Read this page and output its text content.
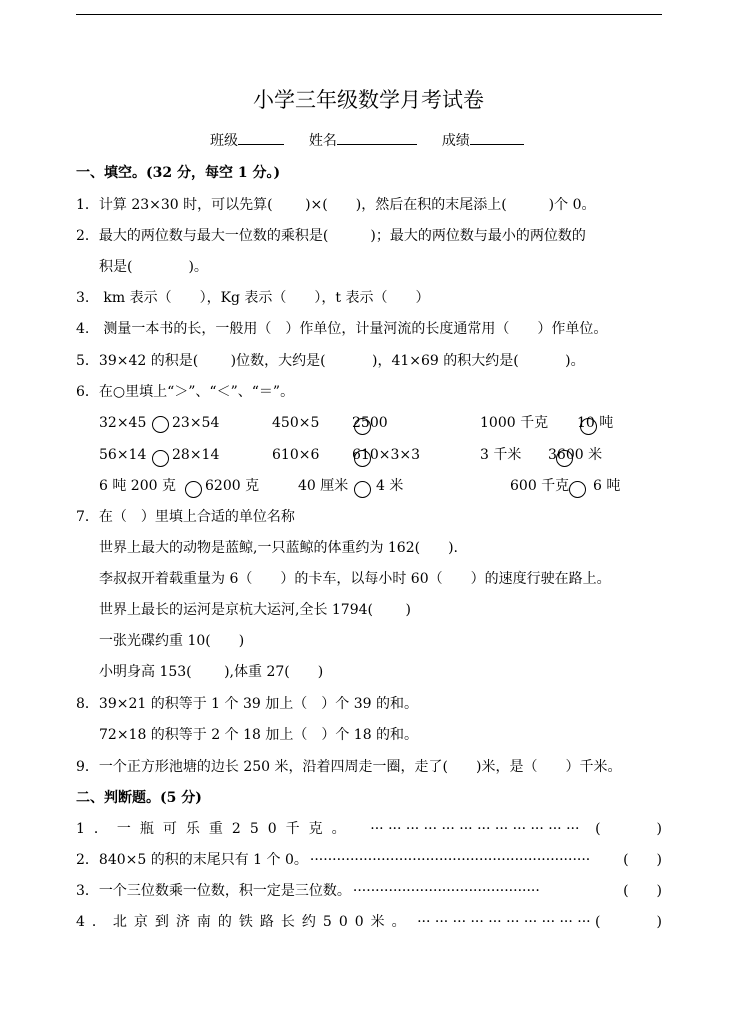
小学三年级数学月考试卷
班级	姓名	成绩
一、填空。(32 分，每空 1 分。)
1．计算 23×30 时，可以先算(　　 )×(　　)，然后在积的末尾添上(　　　)个 0。
2．最大的两位数与最大一位数的乘积是(　　　)；最大的两位数与最小的两位数的
积是(　　　　)。
3.　km 表示（　　），Kg 表示（　　），t 表示（　　）
4.　测量一本书的长，一般用（　）作单位，计量河流的长度通常用（　　）作单位。
5．39×42 的积是(　　 )位数，大约是(　　　 )，41×69 的积大约是(　　　 )。
6．在○里填上“＞”、“＜”、“＝”。
32×45 23×54	450×5 2500	1000 千克 10 吨
56×14 28×14	610×6 610×3×3	3 千米 3600 米
6 吨 200 克 6200 克	40 厘米 4 米	600 千克 6 吨
7．在（　）里填上合适的单位名称
世界上最大的动物是蓝鲸,一只蓝鲸的体重约为 162(　　).
李叔叔开着载重量为 6（　　）的卡车，以每小时 60（　　）的速度行驶在路上。
世界上最长的运河是京杭大运河,全长 1794(　　 )
一张光碟约重 10(　　)
小明身高 153(　　 ),体重 27(　　)
8．39×21 的积等于 1 个 39 加上（　）个 39 的和。
72×18 的积等于 2 个 18 加上（　）个 18 的和。
9．一个正方形池塘的边长 250 米，沿着四周走一圈，走了(　　)米，是（　　）千米。
二、判断题。(5 分)
1．一瓶可乐重250千克。 ··· ··· ··· ··· ··· ··· ··· ··· ··· ··· ··· ··· (　　　　)
2．840×5 的积的末尾只有 1 个 0。 ·······························································	(　　)
3．一个三位数乘一位数，积一定是三位数。 ··········································	(　　)
4．北京到济南的铁路长约500米。 ··· ··· ··· ··· ··· ··· ··· ··· ··· ··· (　　　　)
